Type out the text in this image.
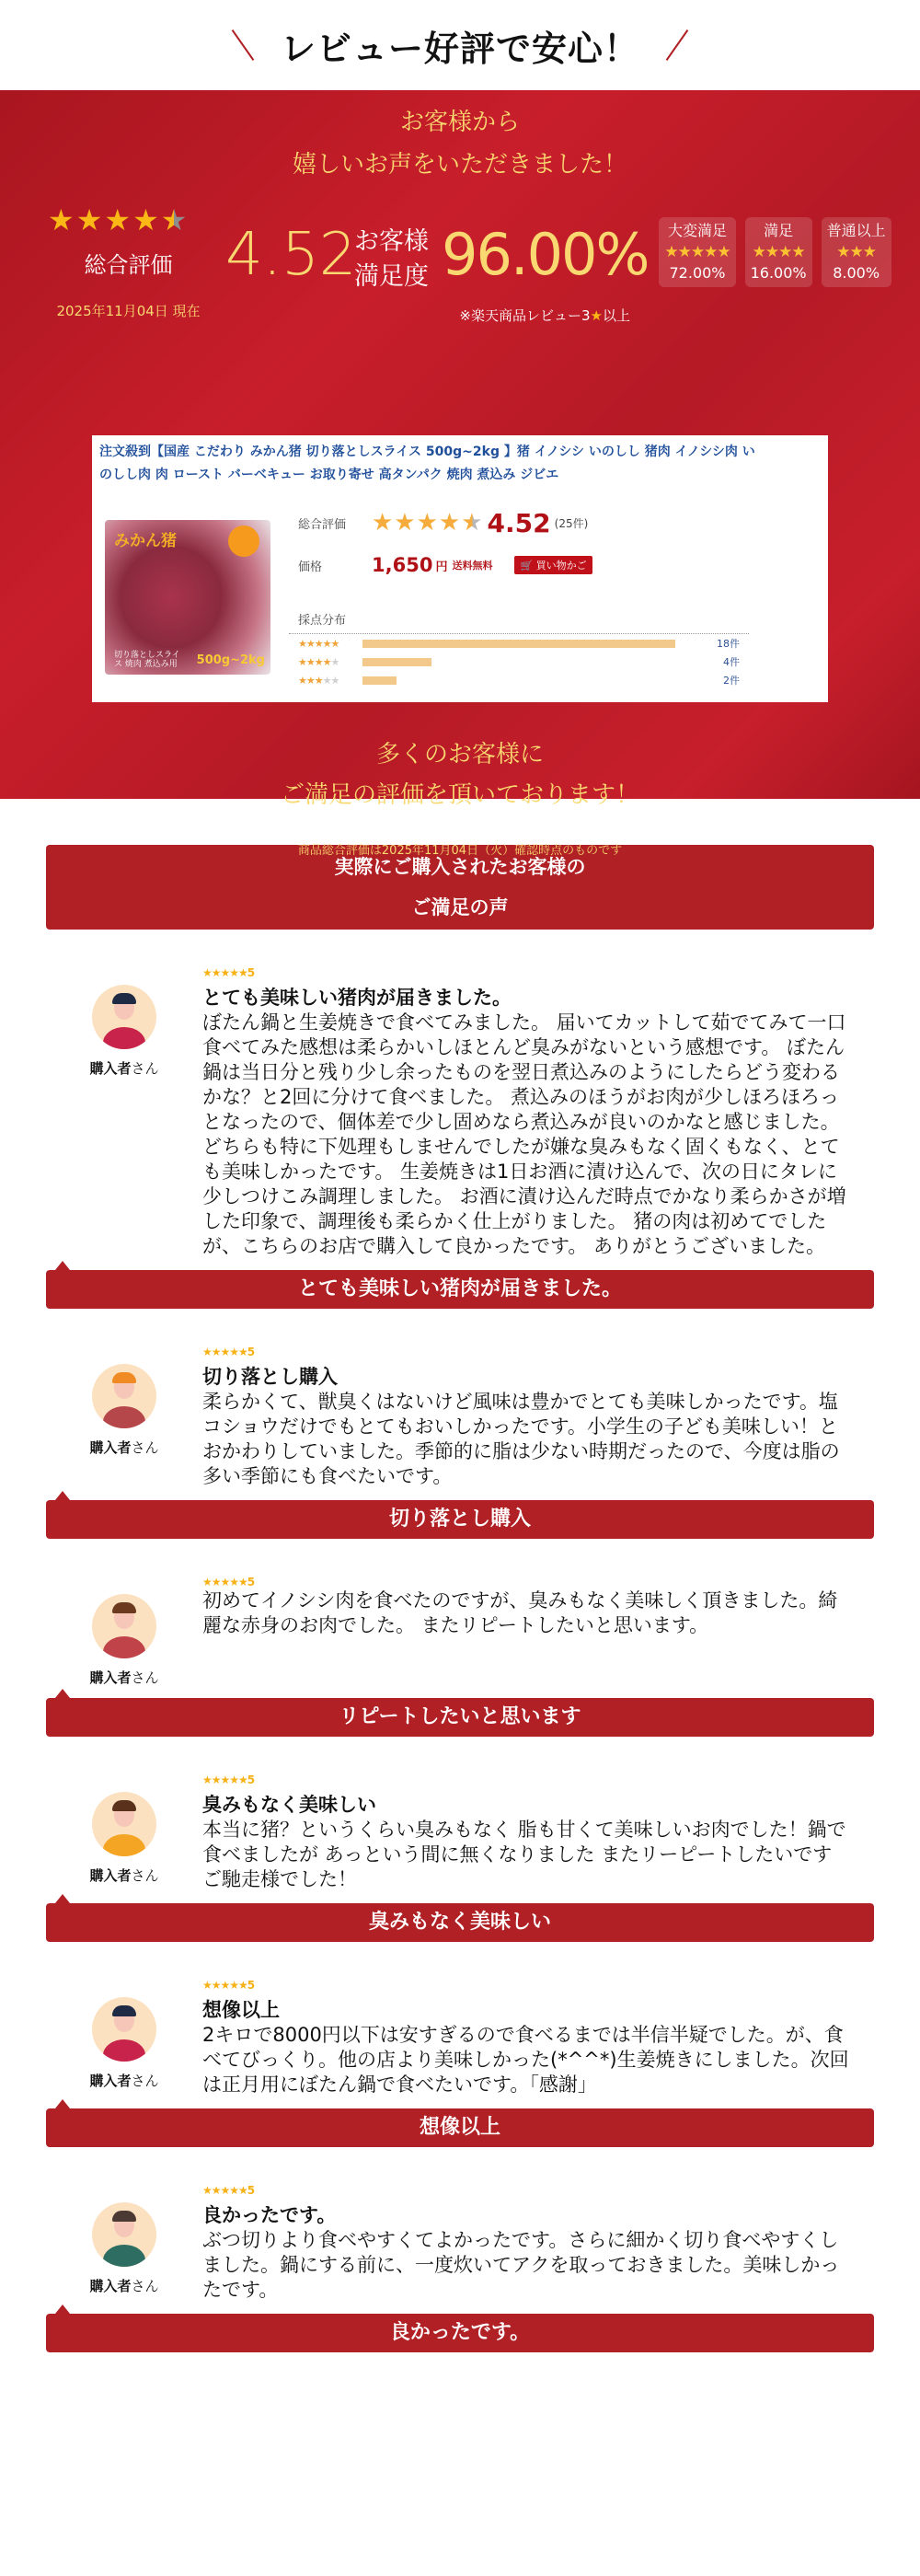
レビュー好評で安心！
お客様から
嬉しいお声をいただきました！
★ ★ ★ ★ ★
総合評価
2025年11月04日 現在
4.52
お客様
満足度 96.00%
※楽天商品レビュー3★以上
大変満足
★★★★★
72.00%
満足
★★★★
16.00%
普通以上
★★★
8.00%
注文殺到【国産 こだわり みかん猪 切り落としスライス 500g~2kg 】猪 イノシシ いのしし 猪肉 イノシシ肉 い
のしし肉 肉 ロースト バーベキュー お取り寄せ 高タンパク 焼肉 煮込み ジビエ
みかん猪
切り落としスライス 焼肉 煮込み用	500g~2kg
総合評価	★★★★★ 4.52 (25件)
価格	1,650 円 送料無料	🛒 買い物かご
採点分布
★★★★★	18件
★★★★★	4件
★★★★★	2件
多くのお客様に
ご満足の評価を頂いております！
商品総合評価は2025年11月04日（火）確認時点のものです
実際にご購入されたお客様の
ご満足の声
購入者さん
★★★★★5
とても美味しい猪肉が届きました。
ぼたん鍋と生姜焼きで食べてみました。 届いてカットして茹でてみて一口食べてみた感想は柔らかいしほとんど臭みがないという感想です。 ぼたん鍋は当日分と残り少し余ったものを翌日煮込みのようにしたらどう変わるかな？と2回に分けて食べました。 煮込みのほうがお肉が少しほろほろっとなったので、個体差で少し固めなら煮込みが良いのかなと感じました。 どちらも特に下処理もしませんでしたが嫌な臭みもなく固くもなく、とても美味しかったです。 生姜焼きは1日お酒に漬け込んで、次の日にタレに少しつけこみ調理しました。 お酒に漬け込んだ時点でかなり柔らかさが増した印象で、調理後も柔らかく仕上がりました。 猪の肉は初めてでしたが、こちらのお店で購入して良かったです。 ありがとうございました。
とても美味しい猪肉が届きました。
購入者さん
★★★★★5
切り落とし購入
柔らかくて、獣臭くはないけど風味は豊かでとても美味しかったです。塩コショウだけでもとてもおいしかったです。小学生の子ども美味しい！とおかわりしていました。季節的に脂は少ない時期だったので、今度は脂の多い季節にも食べたいです。
切り落とし購入
購入者さん
★★★★★5
初めてイノシシ肉を食べたのですが、臭みもなく美味しく頂きました。綺麗な赤身のお肉でした。 またリピートしたいと思います。
リピートしたいと思います
購入者さん
★★★★★5
臭みもなく美味しい
本当に猪？というくらい臭みもなく 脂も甘くて美味しいお肉でした！鍋で食べましたが あっという間に無くなりました またリーピートしたいです ご馳走様でした！
臭みもなく美味しい
購入者さん
★★★★★5
想像以上
2キロで8000円以下は安すぎるので食べるまでは半信半疑でした。が、食べてびっくり。他の店より美味しかった(*^^*)生姜焼きにしました。次回は正月用にぼたん鍋で食べたいです。「感謝」
想像以上
購入者さん
★★★★★5
良かったです。
ぶつ切りより食べやすくてよかったです。さらに細かく切り食べやすくしました。鍋にする前に、一度炊いてアクを取っておきました。美味しかったです。
良かったです。
